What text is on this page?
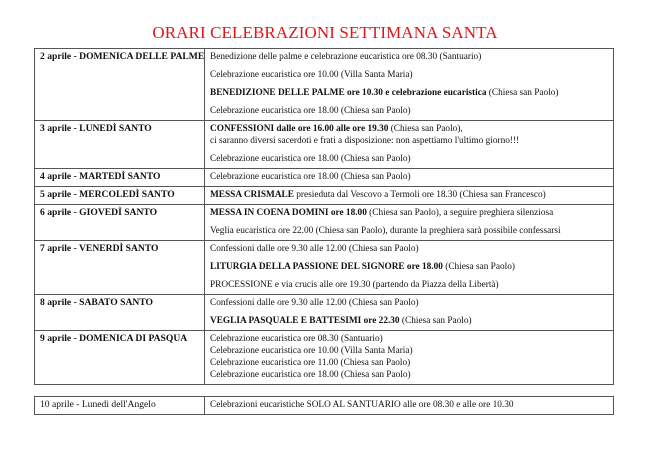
ORARI CELEBRAZIONI SETTIMANA SANTA
2 aprile - DOMENICA DELLE PALME	Benedizione delle palme e celebrazione eucaristica ore 08.30 (Santuario)
Celebrazione eucaristica ore 10.00 (Villa Santa Maria)
BENEDIZIONE DELLE PALME ore 10.30 e celebrazione eucaristica (Chiesa san Paolo)
Celebrazione eucaristica ore 18.00 (Chiesa san Paolo)

3 aprile - LUNEDÌ SANTO	CONFESSIONI dalle ore 16.00 alle ore 19.30 (Chiesa san Paolo),
ci saranno diversi sacerdoti e frati a disposizione: non aspettiamo l'ultimo giorno!!!
Celebrazione eucaristica ore 18.00 (Chiesa san Paolo)

4 aprile - MARTEDÌ SANTO	Celebrazione eucaristica ore 18.00 (Chiesa san Paolo)

5 aprile - MERCOLEDÌ SANTO	MESSA CRISMALE presieduta dal Vescovo a Termoli ore 18.30 (Chiesa san Francesco)

6 aprile - GIOVEDÌ SANTO	MESSA IN COENA DOMINI ore 18.00 (Chiesa san Paolo), a seguire preghiera silenziosa
Veglia eucaristica ore 22.00 (Chiesa san Paolo), durante la preghiera sarà possibile confessarsi

7 aprile - VENERDÌ SANTO	Confessioni dalle ore 9.30 alle 12.00 (Chiesa san Paolo)
LITURGIA DELLA PASSIONE DEL SIGNORE ore 18.00 (Chiesa san Paolo)
PROCESSIONE e via crucis alle ore 19.30 (partendo da Piazza della Libertà)

8 aprile - SABATO SANTO	Confessioni dalle ore 9.30 alle 12.00 (Chiesa san Paolo)
VEGLIA PASQUALE E BATTESIMI ore 22.30 (Chiesa san Paolo)

9 aprile - DOMENICA DI PASQUA	Celebrazione eucaristica ore 08.30 (Santuario)
Celebrazione eucaristica ore 10.00 (Villa Santa Maria)
Celebrazione eucaristica ore 11.00 (Chiesa san Paolo)
Celebrazione eucaristica ore 18.00 (Chiesa san Paolo)

10 aprile - Lunedì dell'Angelo	Celebrazioni eucaristiche SOLO AL SANTUARIO alle ore 08.30 e alle ore 10.30
